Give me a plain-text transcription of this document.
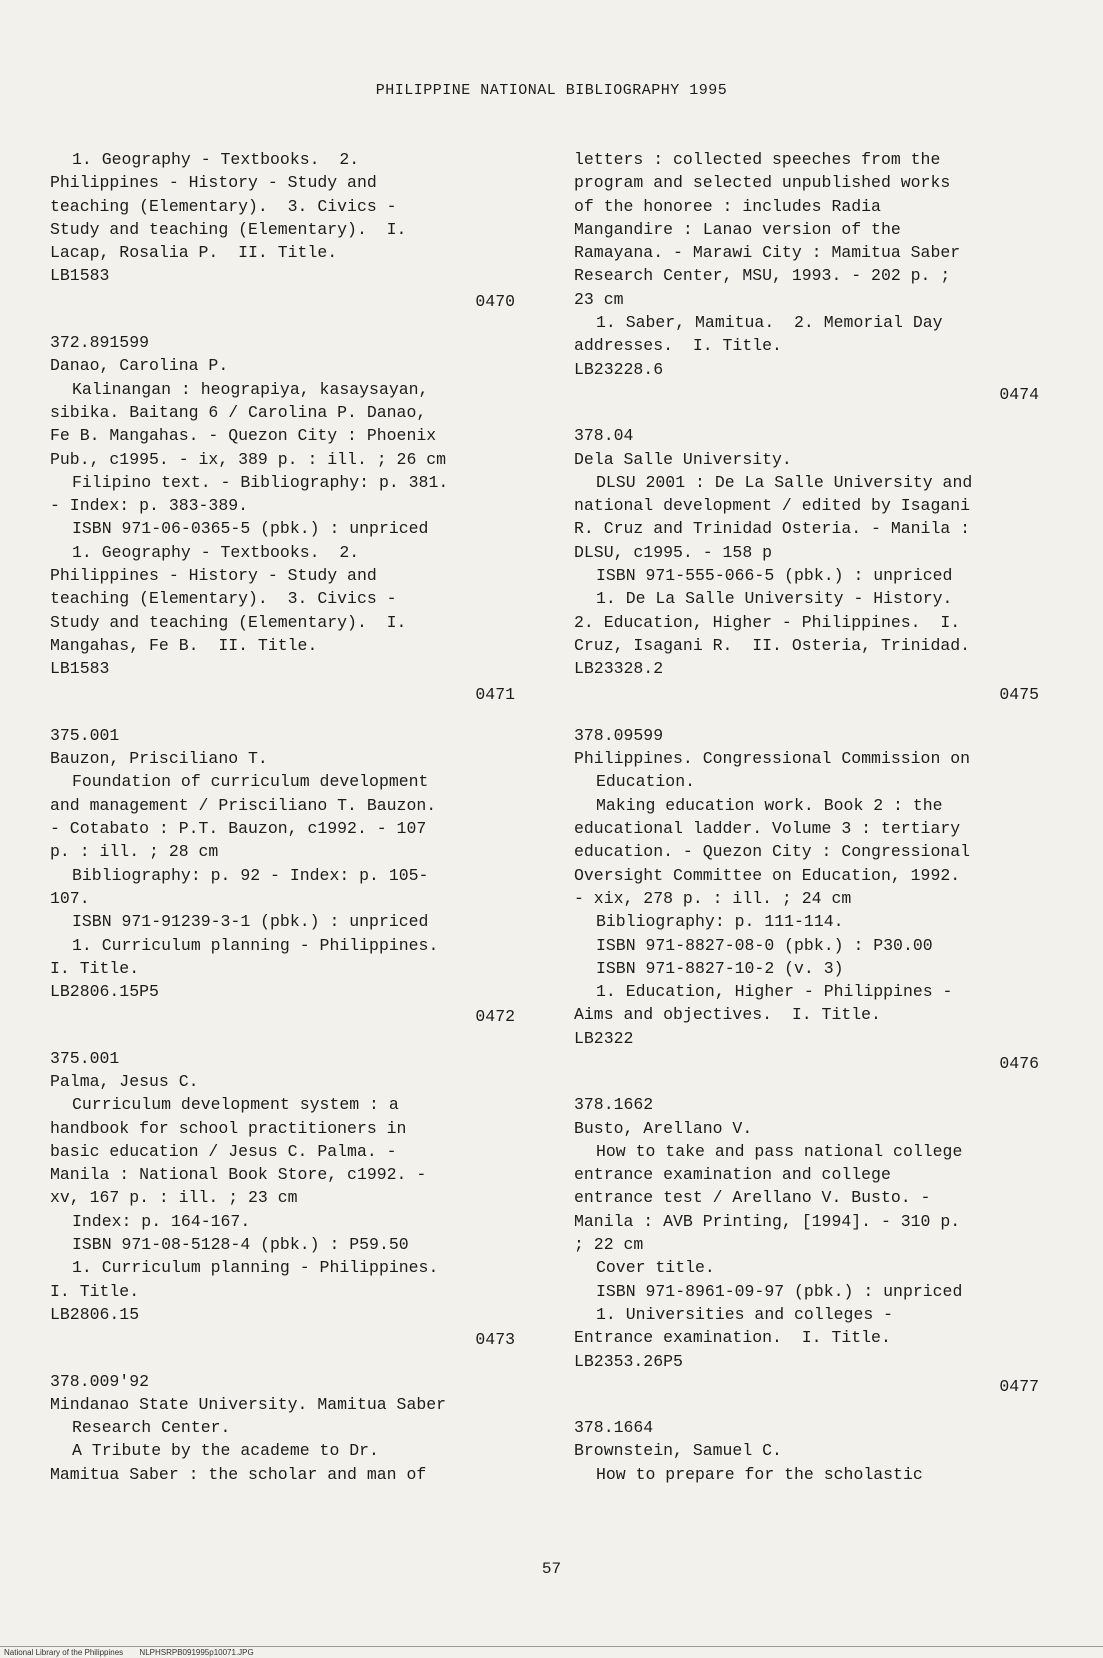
PHILIPPINE NATIONAL BIBLIOGRAPHY 1995
1. Geography - Textbooks.  2.
Philippines - History - Study and
teaching (Elementary).  3. Civics -
Study and teaching (Elementary).  I.
Lacap, Rosalia P.  II. Title.
LB1583
0470
372.891599
Danao, Carolina P.
Kalinangan : heograpiya, kasaysayan,
sibika. Baitang 6 / Carolina P. Danao,
Fe B. Mangahas. - Quezon City : Phoenix
Pub., c1995. - ix, 389 p. : ill. ; 26 cm
Filipino text. - Bibliography: p. 381.
- Index: p. 383-389.
ISBN 971-06-0365-5 (pbk.) : unpriced
1. Geography - Textbooks.  2.
Philippines - History - Study and
teaching (Elementary).  3. Civics -
Study and teaching (Elementary).  I.
Mangahas, Fe B.  II. Title.
LB1583
0471
375.001
Bauzon, Prisciliano T.
Foundation of curriculum development
and management / Prisciliano T. Bauzon.
- Cotabato : P.T. Bauzon, c1992. - 107
p. : ill. ; 28 cm
Bibliography: p. 92 - Index: p. 105-
107.
ISBN 971-91239-3-1 (pbk.) : unpriced
1. Curriculum planning - Philippines.
I. Title.
LB2806.15P5
0472
375.001
Palma, Jesus C.
Curriculum development system : a
handbook for school practitioners in
basic education / Jesus C. Palma. -
Manila : National Book Store, c1992. -
xv, 167 p. : ill. ; 23 cm
Index: p. 164-167.
ISBN 971-08-5128-4 (pbk.) : P59.50
1. Curriculum planning - Philippines.
I. Title.
LB2806.15
0473
378.009'92
Mindanao State University. Mamitua Saber
Research Center.
A Tribute by the academe to Dr.
Mamitua Saber : the scholar and man of
letters : collected speeches from the
program and selected unpublished works
of the honoree : includes Radia
Mangandire : Lanao version of the
Ramayana. - Marawi City : Mamitua Saber
Research Center, MSU, 1993. - 202 p. ;
23 cm
1. Saber, Mamitua.  2. Memorial Day
addresses.  I. Title.
LB23228.6
0474
378.04
Dela Salle University.
DLSU 2001 : De La Salle University and
national development / edited by Isagani
R. Cruz and Trinidad Osteria. - Manila :
DLSU, c1995. - 158 p
ISBN 971-555-066-5 (pbk.) : unpriced
1. De La Salle University - History.
2. Education, Higher - Philippines.  I.
Cruz, Isagani R.  II. Osteria, Trinidad.
LB23328.2
0475
378.09599
Philippines. Congressional Commission on
Education.
Making education work. Book 2 : the
educational ladder. Volume 3 : tertiary
education. - Quezon City : Congressional
Oversight Committee on Education, 1992.
- xix, 278 p. : ill. ; 24 cm
Bibliography: p. 111-114.
ISBN 971-8827-08-0 (pbk.) : P30.00
ISBN 971-8827-10-2 (v. 3)
1. Education, Higher - Philippines -
Aims and objectives.  I. Title.
LB2322
0476
378.1662
Busto, Arellano V.
How to take and pass national college
entrance examination and college
entrance test / Arellano V. Busto. -
Manila : AVB Printing, [1994]. - 310 p.
; 22 cm
Cover title.
ISBN 971-8961-09-97 (pbk.) : unpriced
1. Universities and colleges -
Entrance examination.  I. Title.
LB2353.26P5
0477
378.1664
Brownstein, Samuel C.
How to prepare for the scholastic
57
National Library of the Philippines NLPHSRPB091995p10071.JPG
